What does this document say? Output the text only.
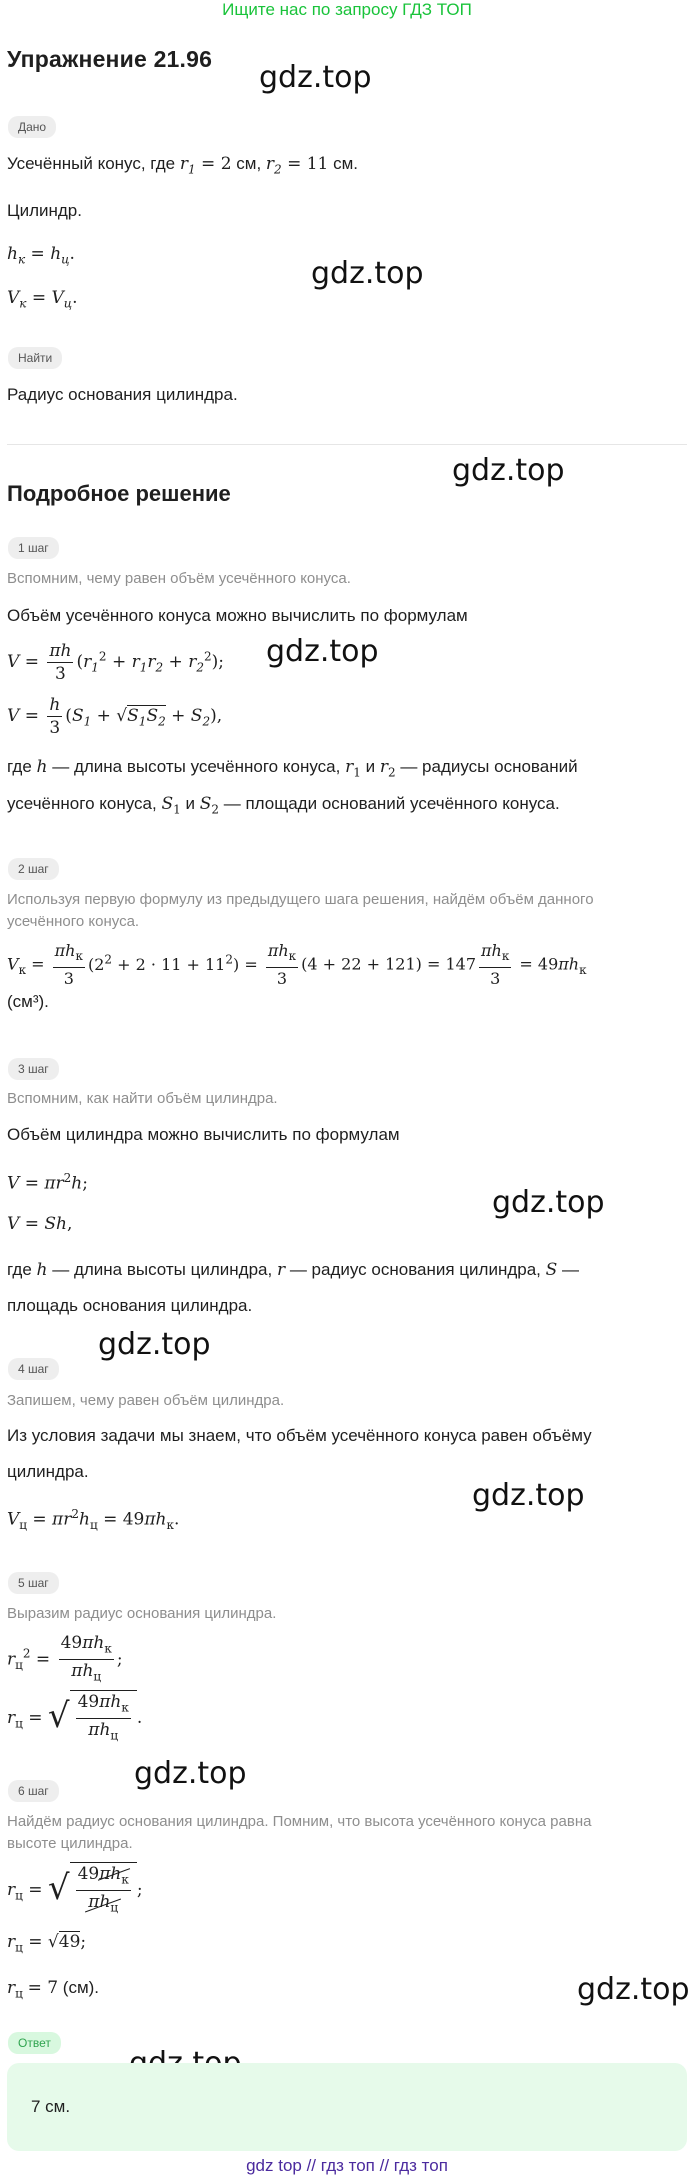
Ищите нас по запросу ГДЗ ТОП
Упражнение 21.96
gdz.top
gdz.top
gdz.top
gdz.top
gdz.top
gdz.top
gdz.top
gdz.top
gdz.top
Дано
Усечённый конус, где $r_1 = 2$ см, $r_2 = 11$ см.
Цилиндр.
$h_к = h_ц$.
$V_к = V_ц$.
Найти
Радиус основания цилиндра.
Подробное решение
1 шаг
Вспомним, чему равен объём усечённого конуса.
Объём усечённого конуса можно вычислить по формулам
$V = \frac{\pi h}{3} (r_1^2 + r_1r_2 + r_2^2)$;
$V = \frac{h}{3} (S_1 + √S_1S_2 + S_2)$,
где h — длина высоты усечённого конуса, $r_1$ и $r_2$ — радиусы оснований
усечённого конуса, $S_1$ и $S_2$ — площади оснований усечённого конуса.
2 шаг
Используя первую формулу из предыдущего шага решения, найдём объём данного
усечённого конуса.
$V_к = \frac{\pi h_к}{3} (2^2 + 2 \cdot 11 + 11^2) = \frac{\pi h_к}{3} (4 + 22 + 121) = 147 \frac{\pi h_к}{3} = 49\pi h_к$
(см³).
3 шаг
Вспомним, как найти объём цилиндра.
Объём цилиндра можно вычислить по формулам
$V = \pi r^2h$;
V = Sh,
где h — длина высоты цилиндра, r — радиус основания цилиндра, S —
площадь основания цилиндра.
4 шаг
Запишем, чему равен объём цилиндра.
Из условия задачи мы знаем, что объём усечённого конуса равен объёму
цилиндра.
$V_ц = \pi r^2h_ц = 49\pi h_к$.
5 шаг
Выразим радиус основания цилиндра.
$r_ц^2 = \frac{49\pi h_к}{\pi h_ц}$ ;
$r_ц$ = √ $\frac{49\pi h_к}{\pi h_ц}$ .
6 шаг
Найдём радиус основания цилиндра. Помним, что высота усечённого конуса равна
высоте цилиндра.
$r_ц$ = √ $\frac{49\pi h_к}{\pi h_ц}$ ;
$r_ц = √49$;
$r_ц = 7$ (см).
Ответ
7 см.
gdz top // гдз топ // гдз топ
